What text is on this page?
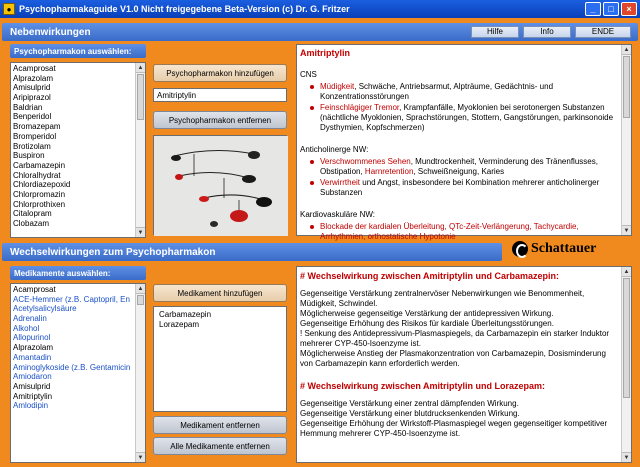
● Psychopharmakaguide V1.0 Nicht freigegebene Beta-Version (c) Dr. G. Fritzer	_	□	×
Nebenwirkungen	Hilfe	Info	ENDE
Psychopharmakon auswählen:
Acamprosat
Alprazolam
Amisulprid
Aripiprazol
Baldrian
Benperidol
Bromazepam
Bromperidol
Brotizolam
Buspiron
Carbamazepin
Chloralhydrat
Chlordiazepoxid
Chlorpromazin
Chlorprothixen
Citalopram
Clobazam
▲
▼
Psychopharmakon hinzufügen
Amitriptylin
Psychopharmakon entfernen
Amitriptylin
CNS
Müdigkeit, Schwäche, Antriebsarmut, Alpträume, Gedächtnis- und Konzentrationsstörungen
Feinschlägiger Tremor, Krampfanfälle, Myoklonien bei serotonergen Substanzen (nächtliche Myoklonien, Sprachstörungen, Stottern, Gangstörungen, parkinsonoide Dysthymien, Kopfschmerzen)
Anticholinerge NW:
Verschwommenes Sehen, Mundtrockenheit, Verminderung des Tränenflusses, Obstipation, Harnretention, Schweißneigung, Karies
Verwirrtheit und Angst, insbesondere bei Kombination mehrerer anticholinerger Substanzen
Kardiovaskuläre NW:
Blockade der kardialen Überleitung, QTc-Zeit-Verlängerung, Tachycardie, Arrhythmien, orthostatische Hypotonie
▲
▼
Wechselwirkungen zum Psychopharmakon	Schattauer
Medikamente auswählen:
Acamprosat
ACE-Hemmer (z.B. Captopril, En
Acetylsalicylsäure
Adrenalin
Alkohol
Allopurinol
Alprazolam
Amantadin
Aminoglykoside (z.B. Gentamicin
Amiodaron
Amisulprid
Amitriptylin
Amlodipin
▲
▼
Medikament hinzufügen
Carbamazepin
Lorazepam
Medikament entfernen
Alle Medikamente entfernen
# Wechselwirkung zwischen Amitriptylin und Carbamazepin:
Gegenseitige Verstärkung zentralnervöser Nebenwirkungen wie Benommenheit, Müdigkeit, Schwindel.
Möglicherweise gegenseitige Verstärkung der antidepressiven Wirkung.
Gegenseitige Erhöhung des Risikos für kardiale Überleitungsstörungen.
! Senkung des Antidepressivum-Plasmaspiegels, da Carbamazepin ein starker Induktor mehrerer CYP-450-Isoenzyme ist.
Möglicherweise Anstieg der Plasmakonzentration von Carbamazepin, Dosisminderung von Carbamazepin kann erforderlich werden.
# Wechselwirkung zwischen Amitriptylin und Lorazepam:
Gegenseitige Verstärkung einer zentral dämpfenden Wirkung.
Gegenseitige Verstärkung einer blutdrucksenkenden Wirkung.
Gegenseitige Erhöhung der Wirkstoff-Plasmaspiegel wegen gegenseitiger kompetitiver Hemmung mehrerer CYP-450-Isoenzyme ist.
▲
▼
